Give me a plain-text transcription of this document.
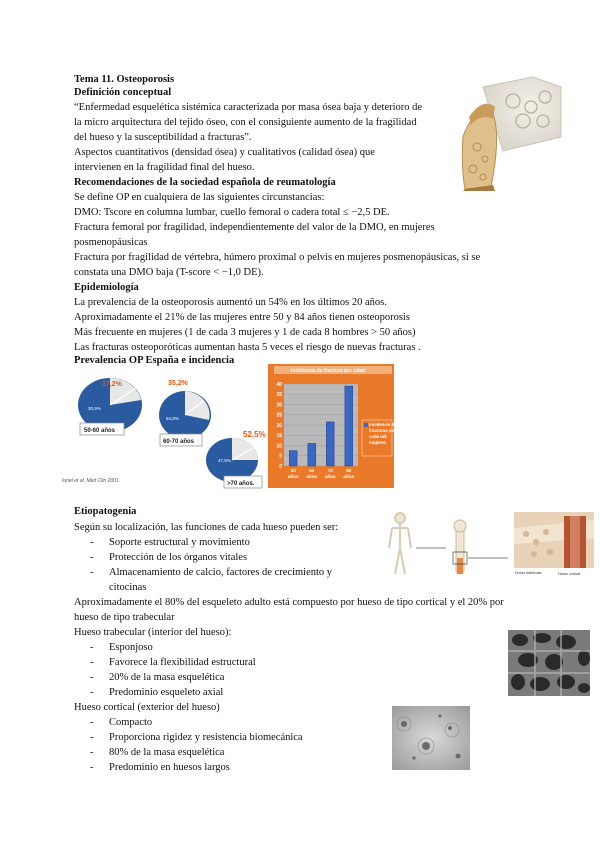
Tema 11. Osteoporosis
Definición conceptual
“Enfermedad esquelética sistémica caracterizada por masa ósea baja y deterioro de
la micro arquitectura del tejido óseo, con el consiguiente aumento de la fragilidad
del hueso y la susceptibilidad a fracturas”.
Aspectos cuantitativos (densidad ósea) y cualitativos (calidad ósea) que
intervienen en la fragilidad final del hueso.
Recomendaciones de la sociedad española de reumatología
Se define OP en cualquiera de las siguientes circunstancias:
DMO: Tscore en columna lumbar, cuello femoral o cadera total ≤ −2,5 DE.
Fractura femoral por fragilidad, independientemente del valor de la DMO, en mujeres
posmenopáusicas
Fractura por fragilidad de vértebra, húmero proximal o pelvis en mujeres posmenopáusicas, si se
constata una DMO baja (T-score < −1,0 DE).
Epidemiología
La prevalencia de la osteoporosis aumentó un 54% en los últimos 20 años.
Aproximadamente el 21% de las mujeres entre 50 y 84 años tienen osteoporosis
Más frecuente en mujeres (1 de cada 3 mujeres y 1 de cada 8 hombres > 50 años)
Las fracturas osteoporóticas aumentan hasta 5 veces el riesgo de nuevas fracturas .
Prevalencia OP España e incidencia
17,2%
30,5%
50-60 años
35,2%
64,8%
60-70 años
52,5%
47,5%
>70 años.
Iuriel et al. Med Clin 2001.
Incidencia de fractura por edad
0
5
10
15
20
25
30
35
40
50
años
60
años
70
años
80
años
Incidencia de fracturas por cada mil mujeres
Etiopatogenia
Según su localización, las funciones de cada hueso pueden ser:
- Soporte estructural y movimiento
- Protección de los órganos vitales
- Almacenamiento de calcio, factores de crecimiento y
citocinas
Aproximadamente el 80% del esqueleto adulto está compuesto por hueso de tipo cortical y el 20% por
hueso de tipo trabecular
Hueso trabecular (interior del hueso):
- Esponjoso
- Favorece la flexibilidad estructural
- 20% de la masa esquelética
- Predominio esqueleto axial
Hueso cortical (exterior del hueso)
- Compacto
- Proporciona rigidez y resistencia biomecánica
- 80% de la masa esquelética
- Predominio en huesos largos
Hueso trabecular	Hueso cortical
